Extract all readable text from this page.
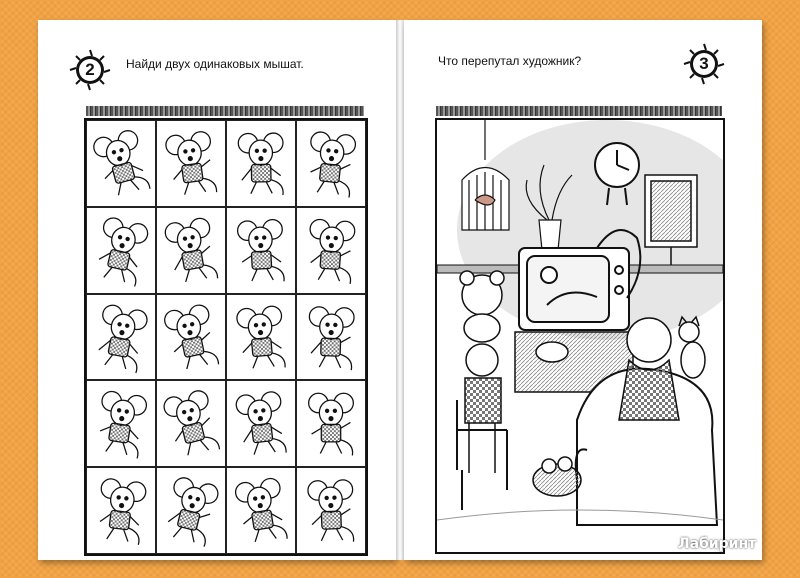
2	Найди двух одинаковых мышат.	Что перепутал художник?	3
Лабиринт
